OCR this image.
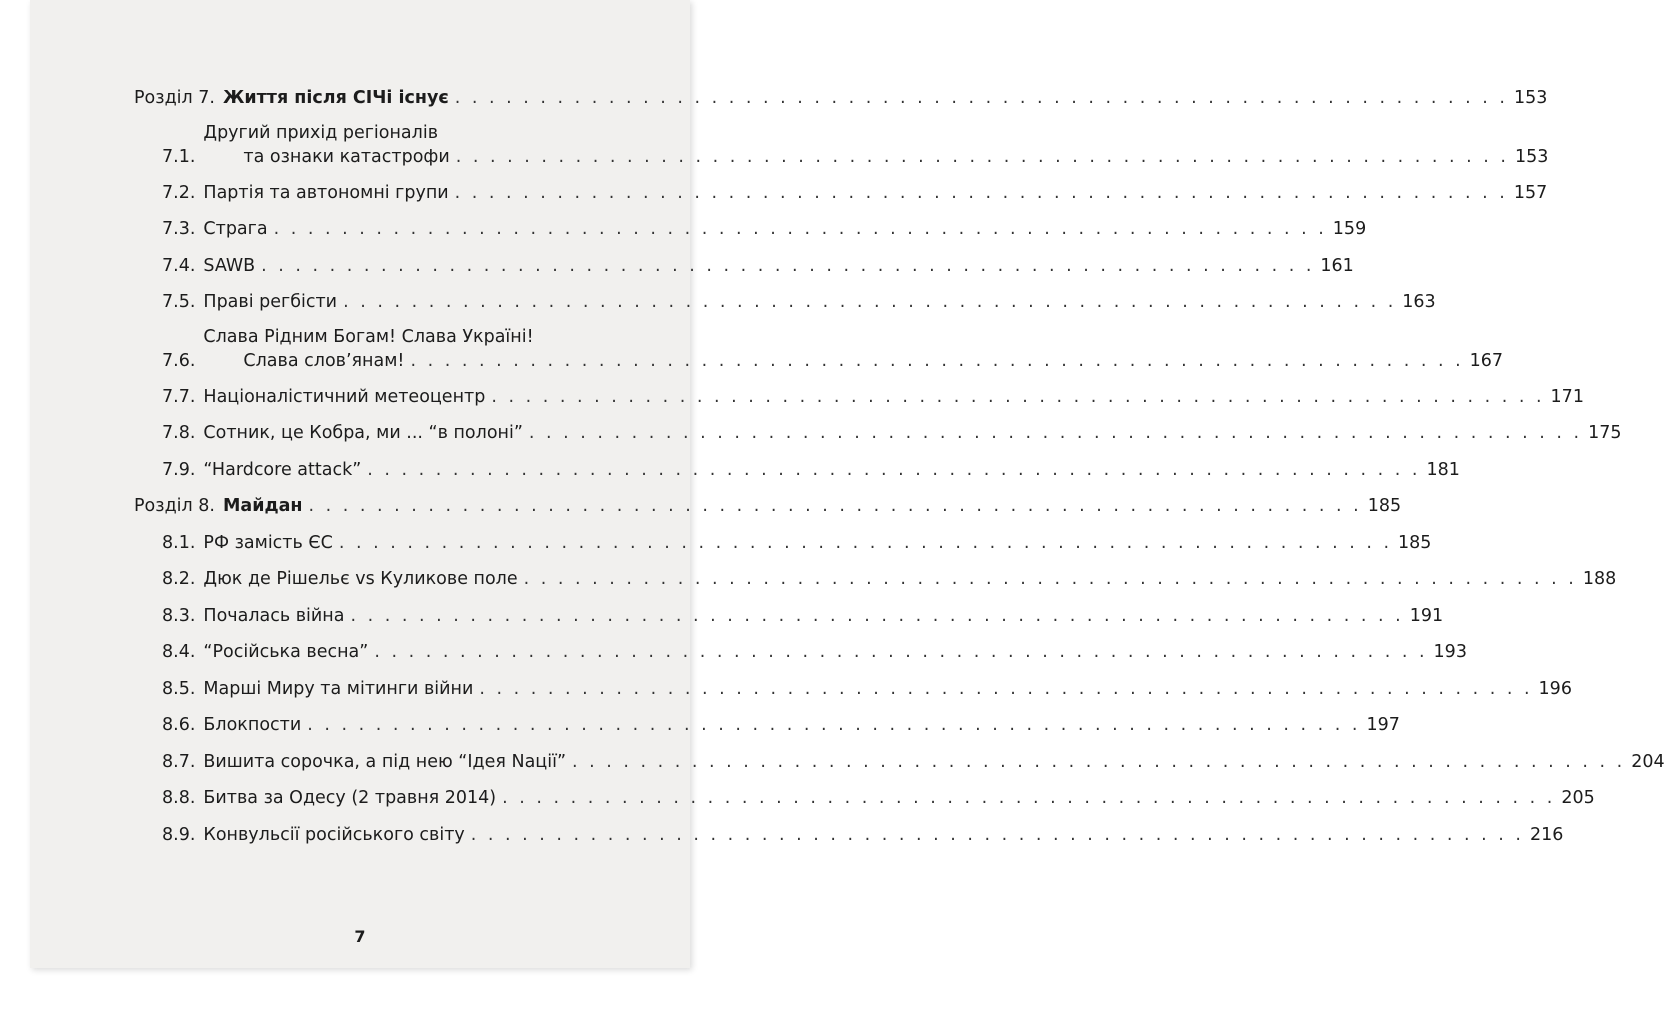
Розділ 7. Життя після СІЧі існує . . .	153
7.1.
Другий прихід регіоналів
та ознаки катастрофи . . .	153
7.2. Партія та автономні групи . . .	157
7.3. Страга . . .	159
7.4. SAWB . . .	161
7.5. Праві регбісти . . .	163
7.6.
Слава Рідним Богам! Слава Україні!
Слава слов’янам! . . .	167
7.7. Націоналістичний метеоцентр . . .	171
7.8. Сотник, це Кобра, ми ... “в полоні” . . .	175
7.9. “Hardcore attack” . . .	181
Розділ 8. Майдан . . .	185
8.1. РФ замість ЄС . . .	185
8.2. Дюк де Рішельє vs Куликове поле . . .	188
8.3. Почалась війна . . .	191
8.4. “Російська весна” . . .	193
8.5. Марші Миру та мітинги війни . . .	196
8.6. Блокпости . . .	197
8.7. Вишита сорочка, а під нею “Ідея Nації” . . .	204
8.8. Битва за Одесу (2 травня 2014) . . .	205
8.9. Конвульсії російського світу . . .	216
7
